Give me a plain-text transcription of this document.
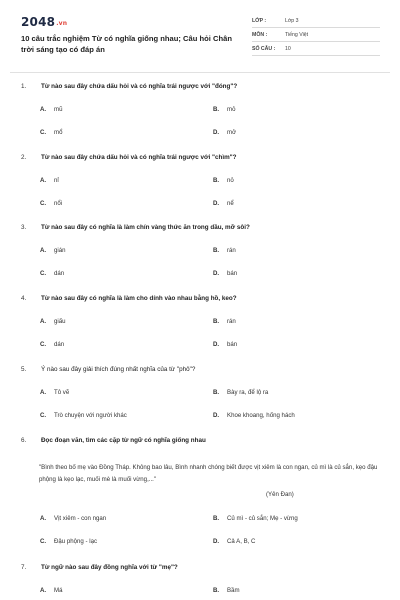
2048.vn
10 câu trắc nghiệm Từ có nghĩa giống nhau; Câu hỏi Chân trời sáng tạo có đáp án
LỚP :	Lớp 3
MÔN :	Tiếng Việt
SỐ CÂU :	10
1.	Từ nào sau đây chứa dấu hỏi và có nghĩa trái ngược với "đóng"?
A.	mũ	B.	mỏ
C.	mổ	D.	mở
2.	Từ nào sau đây chứa dấu hỏi và có nghĩa trái ngược với "chìm"?
A.	nỉ	B.	nỏ
C.	nổi	D.	nể
3.	Từ nào sau đây có nghĩa là làm chín vàng thức ăn trong dầu, mỡ sôi?
A.	gián	B.	rán
C.	dán	D.	bán
4.	Từ nào sau đây có nghĩa là làm cho dính vào nhau bằng hồ, keo?
A.	giấu	B.	rán
C.	dán	D.	bán
5.	Ý nào sau đây giải thích đúng nhất nghĩa của từ "phô"?
A.	Tô vẽ	B.	Bày ra, để lộ ra
C.	Trò chuyện với người khác	D.	Khoe khoang, hống hách
6.	Đọc đoạn văn, tìm các cặp từ ngữ có nghĩa giống nhau
"Bình theo bố mẹ vào Đồng Tháp. Không bao lâu, Bình nhanh chóng biết được vịt xiêm là con ngan, củ mì là củ sắn, kẹo đậu phộng là kẹo lạc, muối mè là muối vừng,..."
(Yên Đan)
A.	Vịt xiêm - con ngan	B.	Củ mì - củ sắn; Mẹ - vừng
C.	Đậu phộng - lạc	D.	Cả A, B, C
7.	Từ ngữ nào sau đây đồng nghĩa với từ "mẹ"?
A.	Má	B.	Bầm
